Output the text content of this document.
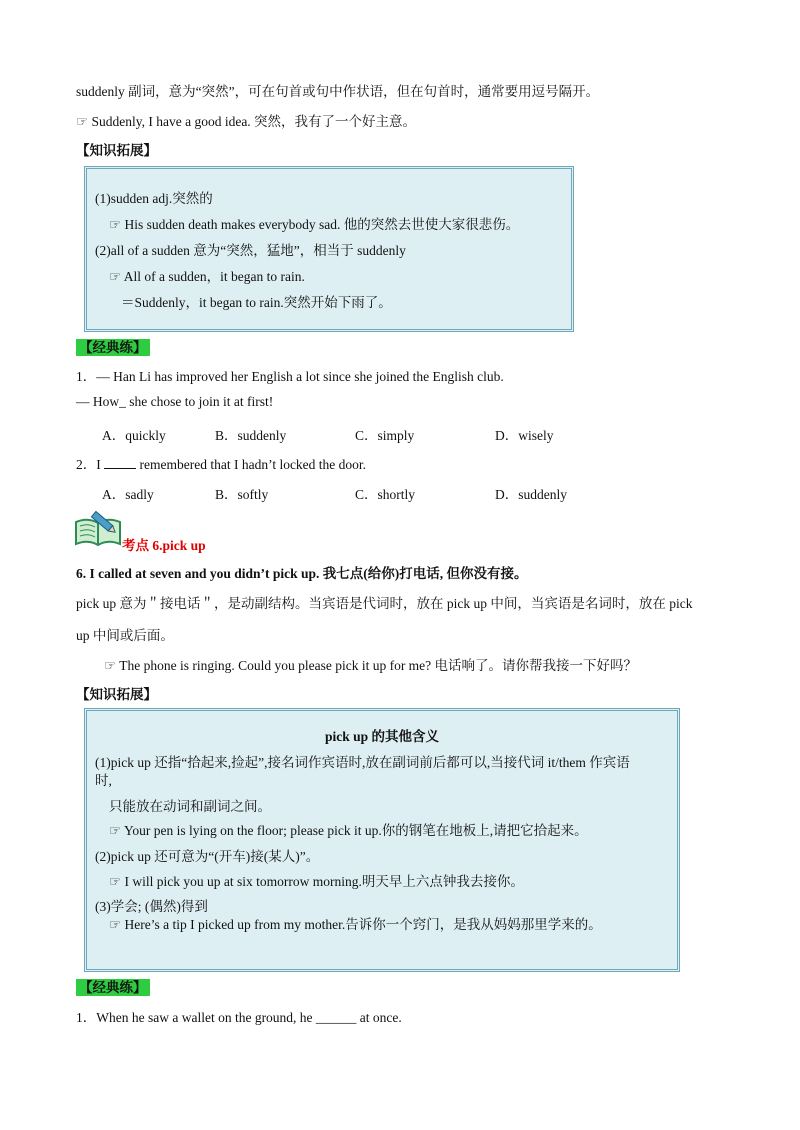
suddenly 副词，意为“突然”，可在句首或句中作状语，但在句首时，通常要用逗号隔开。
☞ Suddenly, I have a good idea. 突然，我有了一个好主意。
【知识拓展】
(1)sudden adj.突然的
☞ His sudden death makes everybody sad. 他的突然去世使大家很悲伤。
(2)all of a sudden 意为“突然，猛地”，相当于 suddenly
☞ All of a sudden，it began to rain.
＝Suddenly，it began to rain.突然开始下雨了。
【经典练】
1．— Han Li has improved her English a lot since she joined the English club.
— How_ she chose to join it at first!
A．quickly	B．suddenly	C．simply	D．wisely
2．I	remembered that I hadn’t locked the door.
A．sadly	B．softly	C．shortly	D．suddenly
考点 6.pick up
6. I called at seven and you didn’t pick up. 我七点(给你)打电话, 但你没有接。
pick up 意为＂接电话＂，是动副结构。当宾语是代词时，放在 pick up 中间，当宾语是名词时，放在 pick
up 中间或后面。
☞ The phone is ringing. Could you please pick it up for me? 电话响了。请你帮我接一下好吗？
【知识拓展】
pick up 的其他含义
(1)pick up 还指“拾起来,捡起”,接名词作宾语时,放在副词前后都可以,当接代词 it/them 作宾语
时,
只能放在动词和副词之间。
☞ Your pen is lying on the floor; please pick it up.你的钢笔在地板上,请把它拾起来。
(2)pick up 还可意为“(开车)接(某人)”。
☞ I will pick you up at six tomorrow morning.明天早上六点钟我去接你。
(3)学会; (偶然)得到
☞ Here’s a tip I picked up from my mother.告诉你一个窍门，是我从妈妈那里学来的。
【经典练】
1．When he saw a wallet on the ground, he ______ at once.
